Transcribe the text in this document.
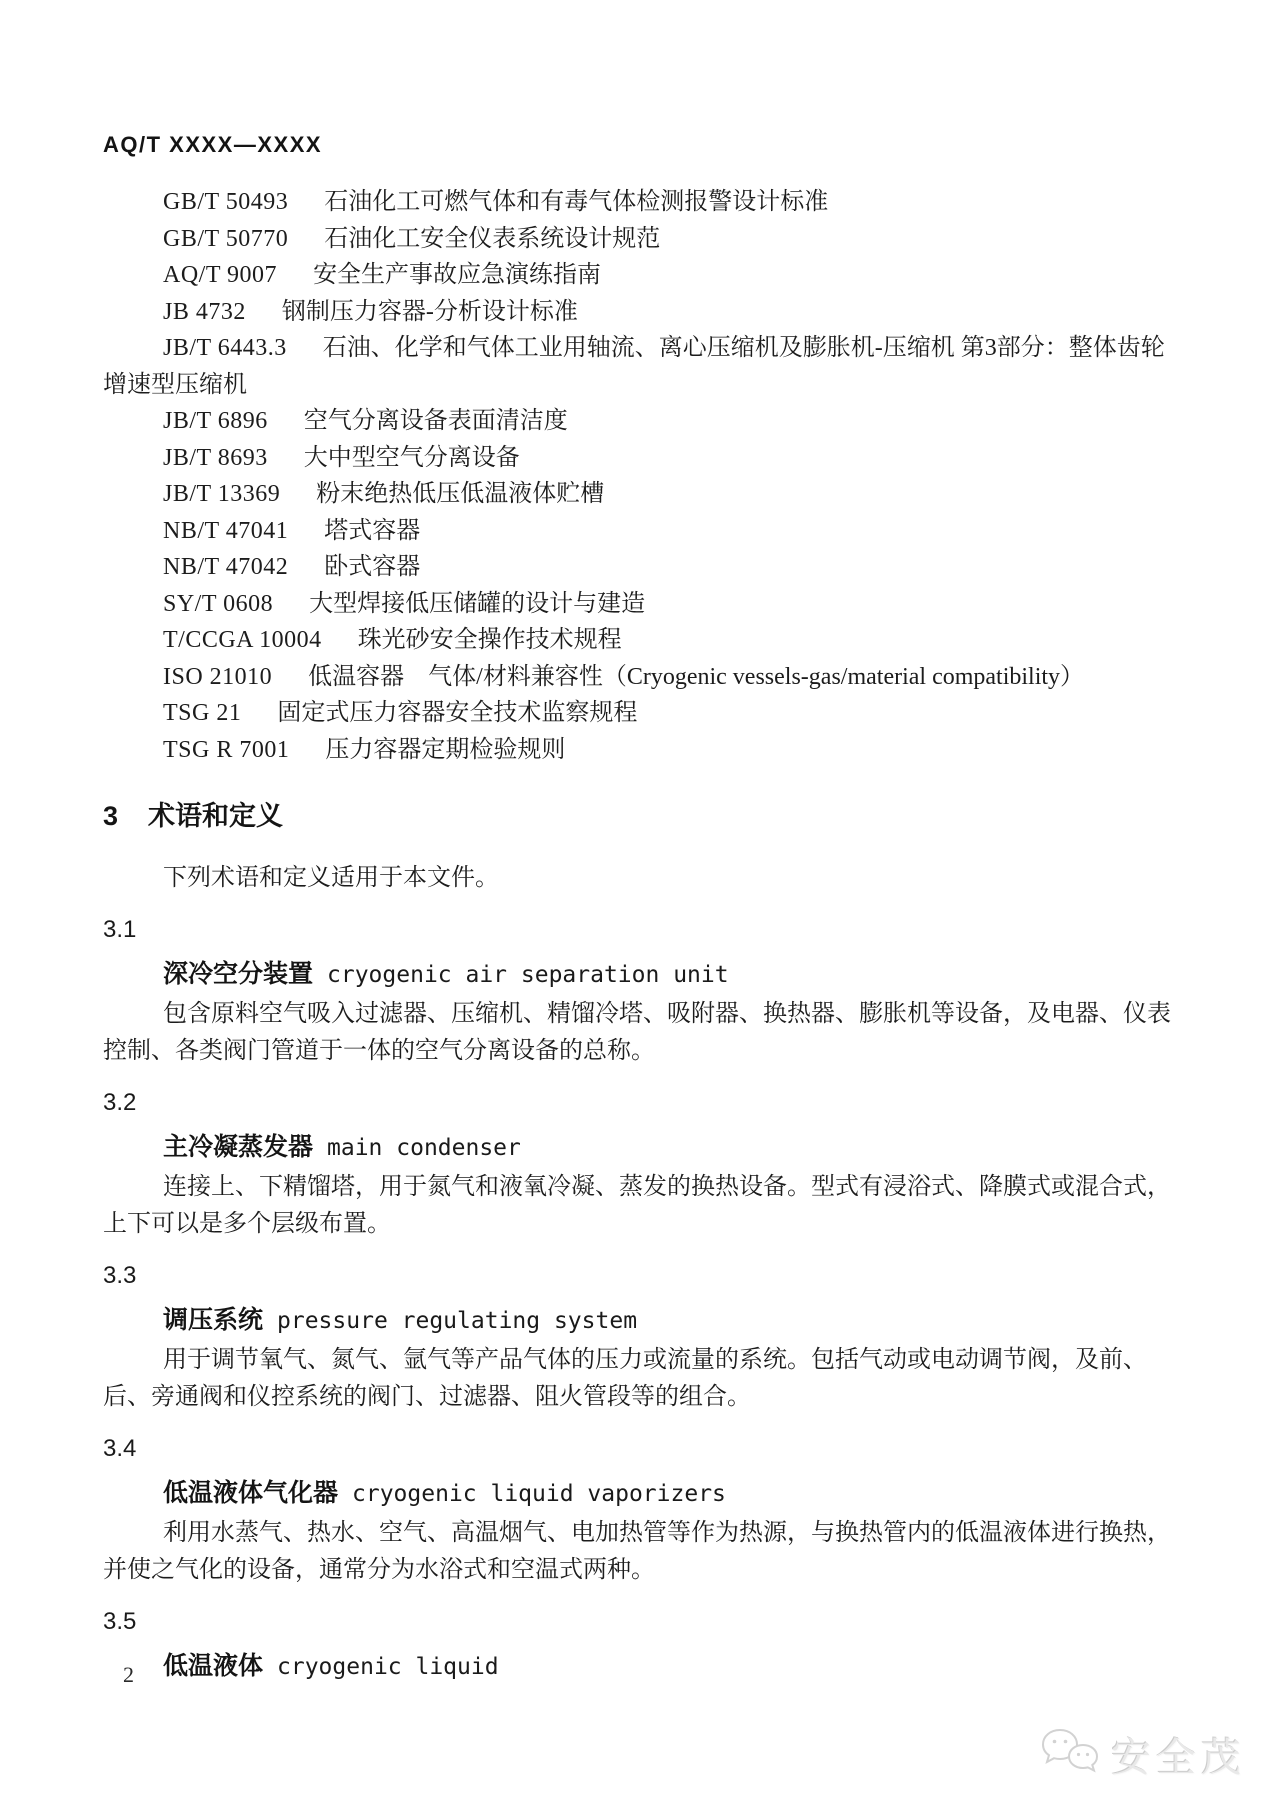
AQ/T XXXX—XXXX

GB/T 50493 石油化工可燃气体和有毒气体检测报警设计标准

GB/T 50770 石油化工安全仪表系统设计规范

AQ/T 9007 安全生产事故应急演练指南

JB 4732 钢制压力容器-分析设计标准

JB/T 6443.3 石油、化学和气体工业用轴流、离心压缩机及膨胀机-压缩机 第3部分：整体齿轮增速型压缩机

JB/T 6896 空气分离设备表面清洁度

JB/T 8693 大中型空气分离设备

JB/T 13369 粉末绝热低压低温液体贮槽

NB/T 47041 塔式容器

NB/T 47042 卧式容器

SY/T 0608 大型焊接低压储罐的设计与建造

T/CCGA 10004 珠光砂安全操作技术规程

ISO 21010 低温容器　气体/材料兼容性（Cryogenic vessels-gas/material compatibility）

TSG 21 固定式压力容器安全技术监察规程

TSG R 7001 压力容器定期检验规则

3 术语和定义

下列术语和定义适用于本文件。

3.1

深冷空分装置 cryogenic air separation unit

包含原料空气吸入过滤器、压缩机、精馏冷塔、吸附器、换热器、膨胀机等设备，及电器、仪表控制、各类阀门管道于一体的空气分离设备的总称。

3.2

主冷凝蒸发器 main condenser

连接上、下精馏塔，用于氮气和液氧冷凝、蒸发的换热设备。型式有浸浴式、降膜式或混合式，上下可以是多个层级布置。

3.3

调压系统 pressure regulating system

用于调节氧气、氮气、氩气等产品气体的压力或流量的系统。包括气动或电动调节阀，及前、后、旁通阀和仪控系统的阀门、过滤器、阻火管段等的组合。

3.4

低温液体气化器 cryogenic liquid vaporizers

利用水蒸气、热水、空气、高温烟气、电加热管等作为热源，与换热管内的低温液体进行换热，并使之气化的设备，通常分为水浴式和空温式两种。

3.5

低温液体 cryogenic liquid

2
安全茂
